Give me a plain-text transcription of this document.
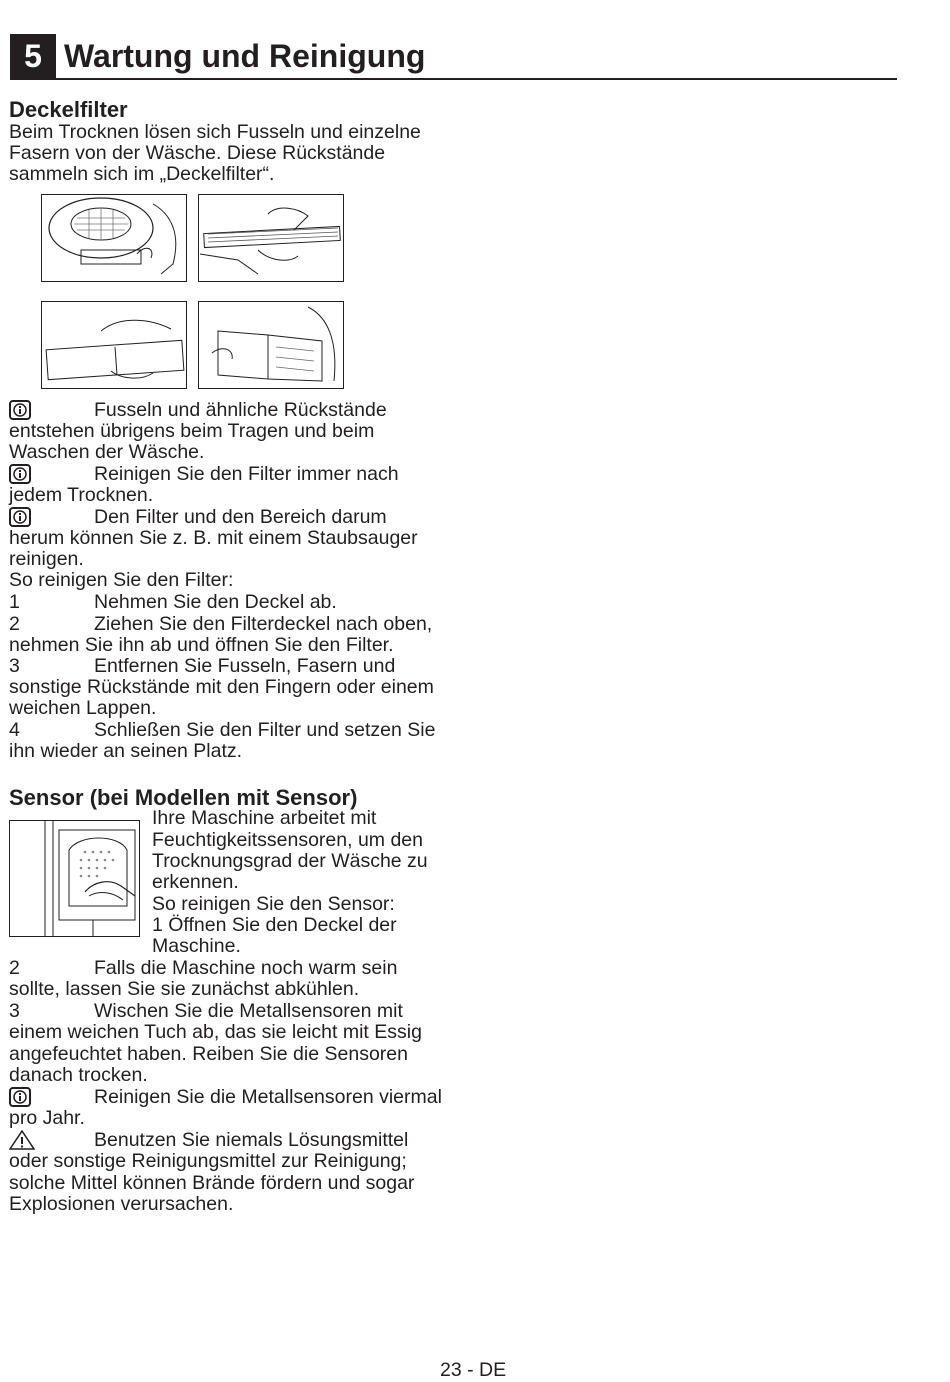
5 Wartung und Reinigung
Deckelfilter
Beim Trocknen lösen sich Fusseln und einzelne
Fasern von der Wäsche. Diese Rückstände
sammeln sich im „Deckelfilter“.
Fusseln und ähnliche Rückstände
entstehen übrigens beim Tragen und beim
Waschen der Wäsche.
Reinigen Sie den Filter immer nach
jedem Trocknen.
Den Filter und den Bereich darum
herum können Sie z. B. mit einem Staubsauger
reinigen.
So reinigen Sie den Filter:
1	Nehmen Sie den Deckel ab.
2	Ziehen Sie den Filterdeckel nach oben,
nehmen Sie ihn ab und öffnen Sie den Filter.
3	Entfernen Sie Fusseln, Fasern und
sonstige Rückstände mit den Fingern oder einem
weichen Lappen.
4	Schließen Sie den Filter und setzen Sie
ihn wieder an seinen Platz.
Sensor (bei Modellen mit Sensor)
Ihre Maschine arbeitet mit
Feuchtigkeitssensoren, um den
Trocknungsgrad der Wäsche zu
erkennen.
So reinigen Sie den Sensor:
1 Öffnen Sie den Deckel der
Maschine.
2	Falls die Maschine noch warm sein
sollte, lassen Sie sie zunächst abkühlen.
3	Wischen Sie die Metallsensoren mit
einem weichen Tuch ab, das sie leicht mit Essig
angefeuchtet haben. Reiben Sie die Sensoren
danach trocken.
Reinigen Sie die Metallsensoren viermal
pro Jahr.
Benutzen Sie niemals Lösungsmittel
oder sonstige Reinigungsmittel zur Reinigung;
solche Mittel können Brände fördern und sogar
Explosionen verursachen.
23 - DE
